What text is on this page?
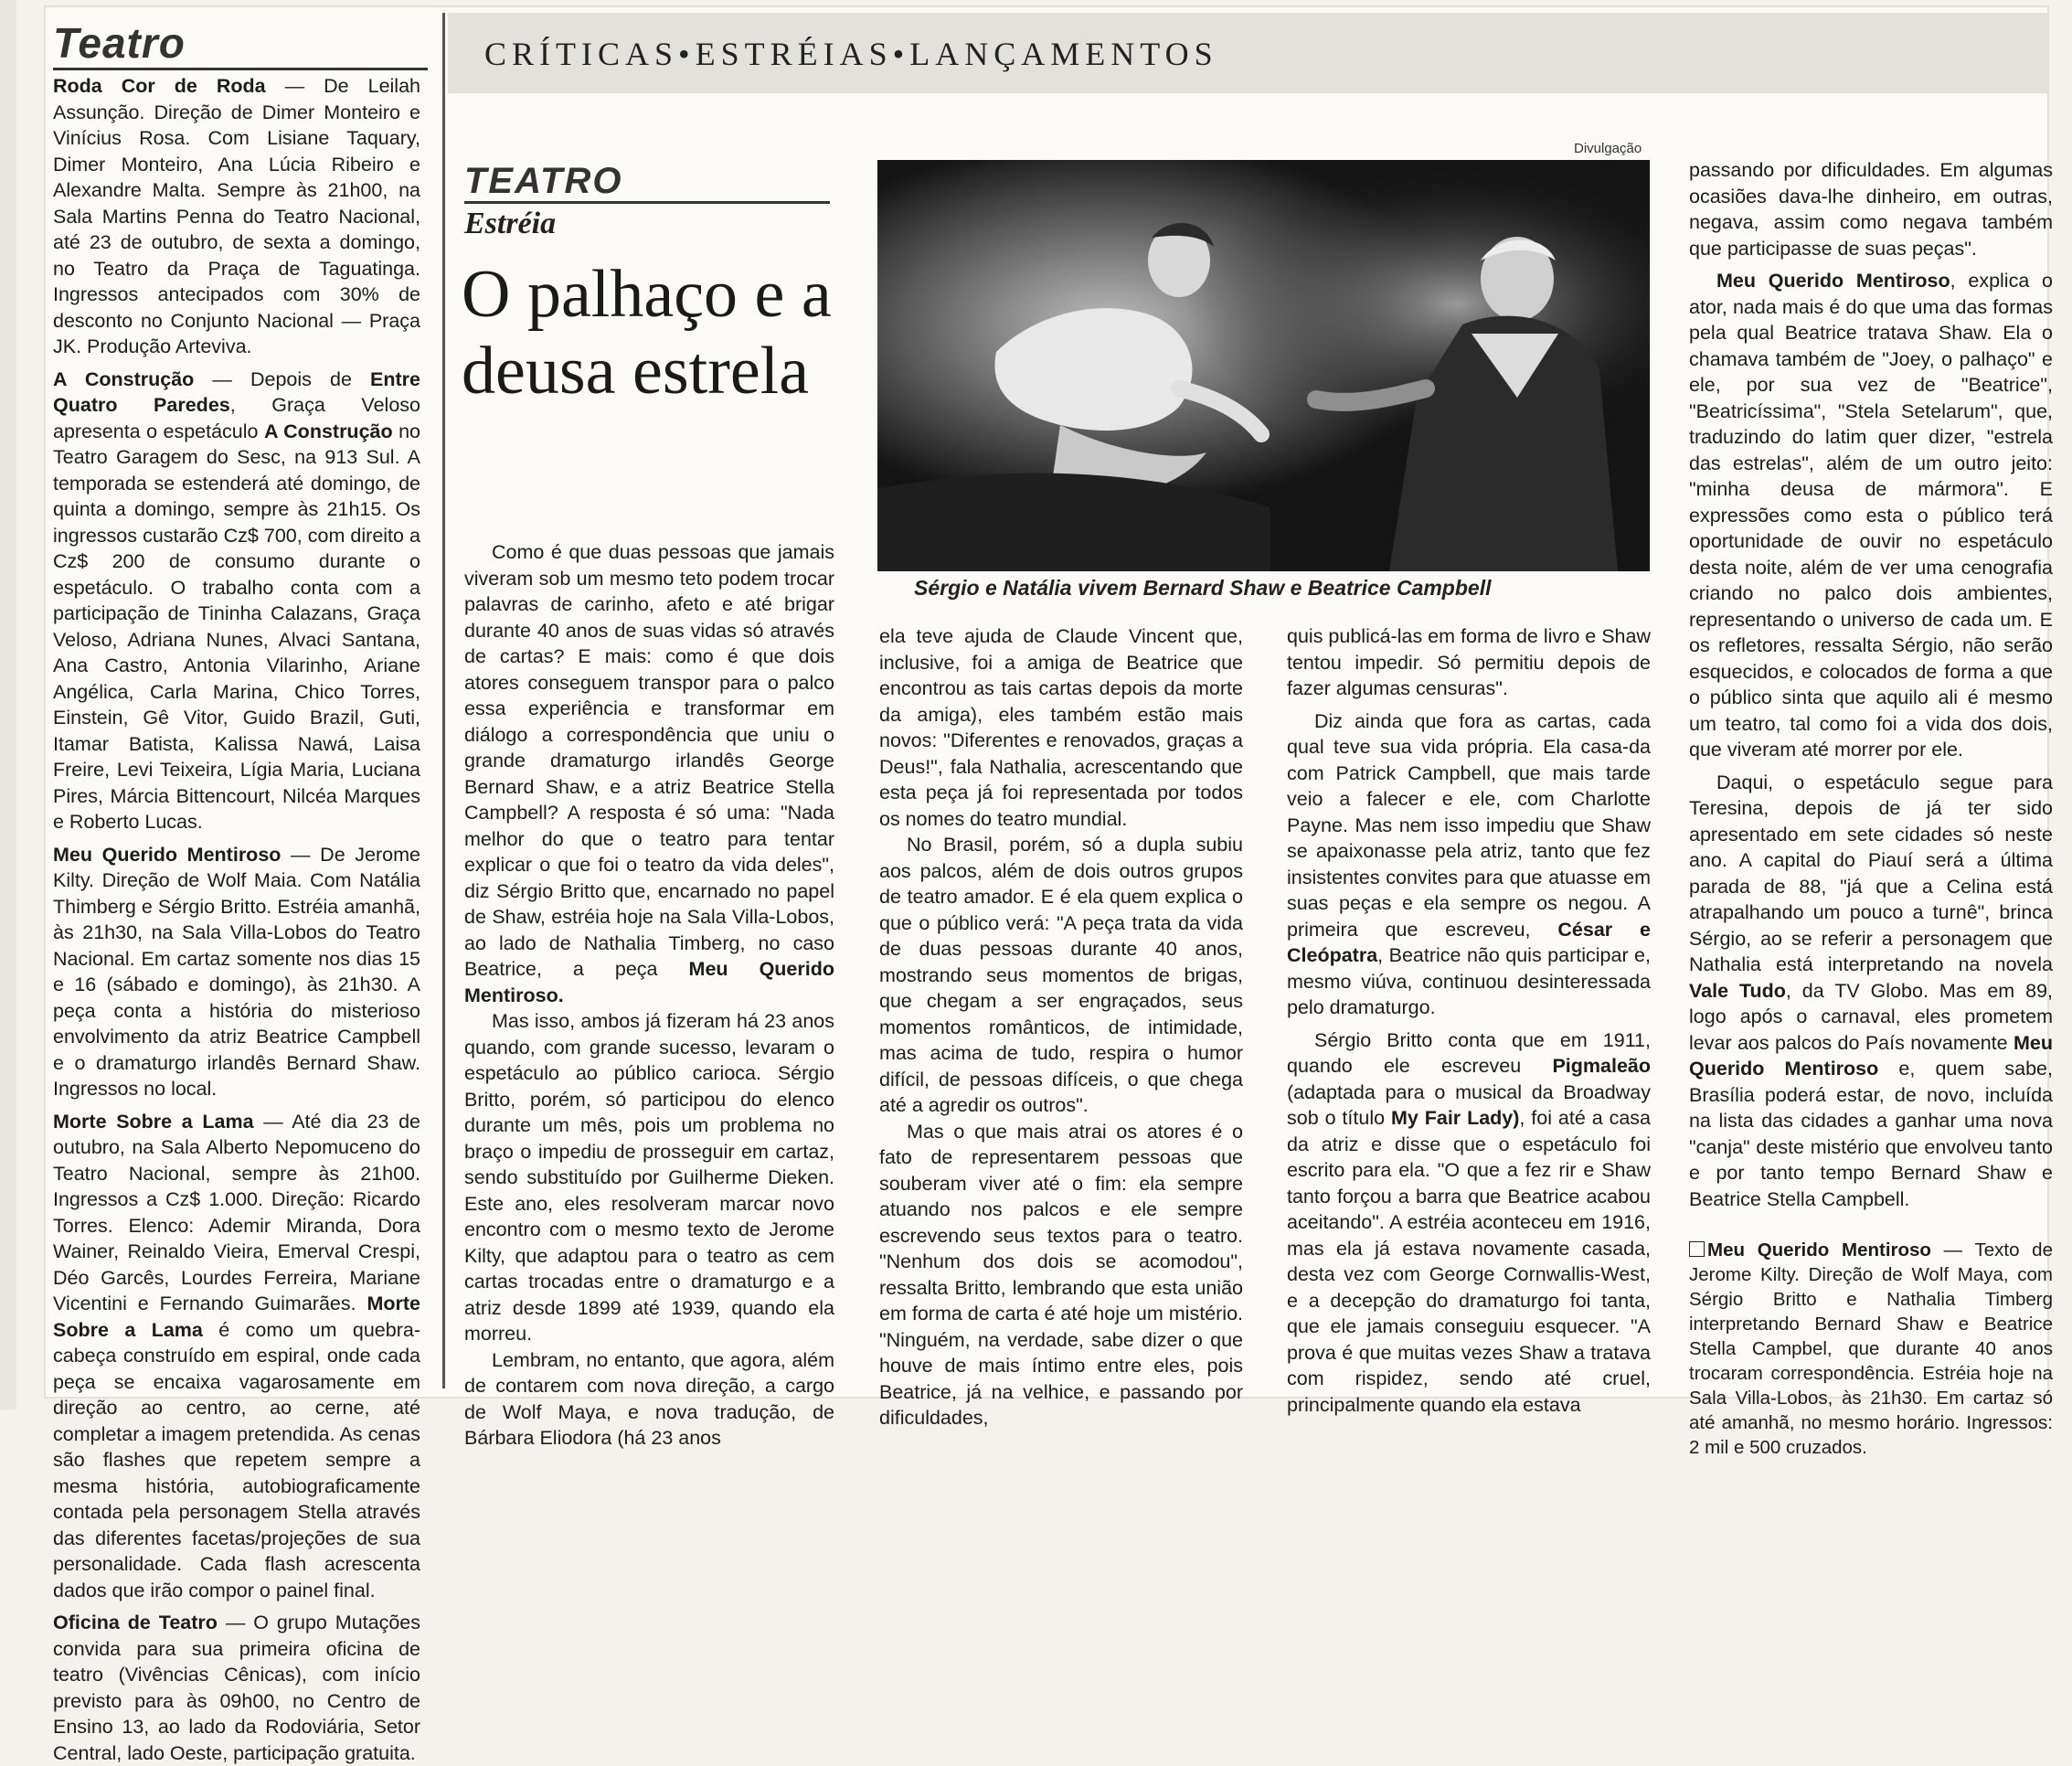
Teatro

Roda Cor de Roda — De Leilah Assunção. Direção de Dimer Monteiro e Vinícius Rosa. Com Lisiane Taquary, Dimer Monteiro, Ana Lúcia Ribeiro e Alexandre Malta. Sempre às 21h00, na Sala Martins Penna do Teatro Nacional, até 23 de outubro, de sexta a domingo, no Teatro da Praça de Taguatinga. Ingressos antecipados com 30% de desconto no Conjunto Nacional — Praça JK. Produção Arteviva.

A Construção — Depois de Entre Quatro Paredes, Graça Veloso apresenta o espetáculo A Construção no Teatro Garagem do Sesc, na 913 Sul. A temporada se estenderá até domingo, de quinta a domingo, sempre às 21h15. Os ingressos custarão Cz$ 700, com direito a Cz$ 200 de consumo durante o espetáculo. O trabalho conta com a participação de Tininha Calazans, Graça Veloso, Adriana Nunes, Alvaci Santana, Ana Castro, Antonia Vilarinho, Ariane Angélica, Carla Marina, Chico Torres, Einstein, Gê Vitor, Guido Brazil, Guti, Itamar Batista, Kalissa Nawá, Laisa Freire, Levi Teixeira, Lígia Maria, Luciana Pires, Márcia Bittencourt, Nilcéa Marques e Roberto Lucas.

Meu Querido Mentiroso — De Jerome Kilty. Direção de Wolf Maia. Com Natália Thimberg e Sérgio Britto. Estréia amanhã, às 21h30, na Sala Villa-Lobos do Teatro Nacional. Em cartaz somente nos dias 15 e 16 (sábado e domingo), às 21h30. A peça conta a história do misterioso envolvimento da atriz Beatrice Campbell e o dramaturgo irlandês Bernard Shaw. Ingressos no local.

Morte Sobre a Lama — Até dia 23 de outubro, na Sala Alberto Nepomuceno do Teatro Nacional, sempre às 21h00. Ingressos a Cz$ 1.000. Direção: Ricardo Torres. Elenco: Ademir Miranda, Dora Wainer, Reinaldo Vieira, Emerval Crespi, Déo Garcês, Lourdes Ferreira, Mariane Vicentini e Fernando Guimarães. Morte Sobre a Lama é como um quebra-cabeça construído em espiral, onde cada peça se encaixa vagarosamente em direção ao centro, ao cerne, até completar a imagem pretendida. As cenas são flashes que repetem sempre a mesma história, autobiograficamente contada pela personagem Stella através das diferentes facetas/projeções de sua personalidade. Cada flash acrescenta dados que irão compor o painel final.

Oficina de Teatro — O grupo Mutações convida para sua primeira oficina de teatro (Vivências Cênicas), com início previsto para às 09h00, no Centro de Ensino 13, ao lado da Rodoviária, Setor Central, lado Oeste, participação gratuita.

CRÍTICAS•ESTRÉIAS•LANÇAMENTOS
TEATRO
Estréia
O palhaço e a deusa estrela
Divulgação
Sérgio e Natália vivem Bernard Shaw e Beatrice Campbell

Como é que duas pessoas que jamais viveram sob um mesmo teto podem trocar palavras de carinho, afeto e até brigar durante 40 anos de suas vidas só através de cartas? E mais: como é que dois atores conseguem transpor para o palco essa experiência e transformar em diálogo a correspondência que uniu o grande dramaturgo irlandês George Bernard Shaw, e a atriz Beatrice Stella Campbell? A resposta é só uma: "Nada melhor do que o teatro para tentar explicar o que foi o teatro da vida deles", diz Sérgio Britto que, encarnado no papel de Shaw, estréia hoje na Sala Villa-Lobos, ao lado de Nathalia Timberg, no caso Beatrice, a peça Meu Querido Mentiroso.

Mas isso, ambos já fizeram há 23 anos quando, com grande sucesso, levaram o espetáculo ao público carioca. Sérgio Britto, porém, só participou do elenco durante um mês, pois um problema no braço o impediu de prosseguir em cartaz, sendo substituído por Guilherme Dieken. Este ano, eles resolveram marcar novo encontro com o mesmo texto de Jerome Kilty, que adaptou para o teatro as cem cartas trocadas entre o dramaturgo e a atriz desde 1899 até 1939, quando ela morreu.

Lembram, no entanto, que agora, além de contarem com nova direção, a cargo de Wolf Maya, e nova tradução, de Bárbara Eliodora (há 23 anos

ela teve ajuda de Claude Vincent que, inclusive, foi a amiga de Beatrice que encontrou as tais cartas depois da morte da amiga), eles também estão mais novos: "Diferentes e renovados, graças a Deus!", fala Nathalia, acrescentando que esta peça já foi representada por todos os nomes do teatro mundial.

No Brasil, porém, só a dupla subiu aos palcos, além de dois outros grupos de teatro amador. E é ela quem explica o que o público verá: "A peça trata da vida de duas pessoas durante 40 anos, mostrando seus momentos de brigas, que chegam a ser engraçados, seus momentos românticos, de intimidade, mas acima de tudo, respira o humor difícil, de pessoas difíceis, o que chega até a agredir os outros".

Mas o que mais atrai os atores é o fato de representarem pessoas que souberam viver até o fim: ela sempre atuando nos palcos e ele sempre escrevendo seus textos para o teatro. "Nenhum dos dois se acomodou", ressalta Britto, lembrando que esta união em forma de carta é até hoje um mistério. "Ninguém, na verdade, sabe dizer o que houve de mais íntimo entre eles, pois Beatrice, já na velhice, e passando por dificuldades,

quis publicá-las em forma de livro e Shaw tentou impedir. Só permitiu depois de fazer algumas censuras".

Diz ainda que fora as cartas, cada qual teve sua vida própria. Ela casa-da com Patrick Campbell, que mais tarde veio a falecer e ele, com Charlotte Payne. Mas nem isso impediu que Shaw se apaixonasse pela atriz, tanto que fez insistentes convites para que atuasse em suas peças e ela sempre os negou. A primeira que escreveu, César e Cleópatra, Beatrice não quis participar e, mesmo viúva, continuou desinteressada pelo dramaturgo.

Sérgio Britto conta que em 1911, quando ele escreveu Pigmaleão (adaptada para o musical da Broadway sob o título My Fair Lady), foi até a casa da atriz e disse que o espetáculo foi escrito para ela. "O que a fez rir e Shaw tanto forçou a barra que Beatrice acabou aceitando". A estréia aconteceu em 1916, mas ela já estava novamente casada, desta vez com George Cornwallis-West, e a decepção do dramaturgo foi tanta, que ele jamais conseguiu esquecer. "A prova é que muitas vezes Shaw a tratava com rispidez, sendo até cruel, principalmente quando ela estava

passando por dificuldades. Em algumas ocasiões dava-lhe dinheiro, em outras, negava, assim como negava também que participasse de suas peças".

Meu Querido Mentiroso, explica o ator, nada mais é do que uma das formas pela qual Beatrice tratava Shaw. Ela o chamava também de "Joey, o palhaço" e ele, por sua vez de "Beatrice", "Beatricíssima", "Stela Setelarum", que, traduzindo do latim quer dizer, "estrela das estrelas", além de um outro jeito: "minha deusa de mármora". E expressões como esta o público terá oportunidade de ouvir no espetáculo desta noite, além de ver uma cenografia criando no palco dois ambientes, representando o universo de cada um. E os refletores, ressalta Sérgio, não serão esquecidos, e colocados de forma a que o público sinta que aquilo ali é mesmo um teatro, tal como foi a vida dos dois, que viveram até morrer por ele.

Daqui, o espetáculo segue para Teresina, depois de já ter sido apresentado em sete cidades só neste ano. A capital do Piauí será a última parada de 88, "já que a Celina está atrapalhando um pouco a turnê", brinca Sérgio, ao se referir a personagem que Nathalia está interpretando na novela Vale Tudo, da TV Globo. Mas em 89, logo após o carnaval, eles prometem levar aos palcos do País novamente Meu Querido Mentiroso e, quem sabe, Brasília poderá estar, de novo, incluída na lista das cidades a ganhar uma nova "canja" deste mistério que envolveu tanto e por tanto tempo Bernard Shaw e Beatrice Stella Campbell.

Meu Querido Mentiroso — Texto de Jerome Kilty. Direção de Wolf Maya, com Sérgio Britto e Nathalia Timberg interpretando Bernard Shaw e Beatrice Stella Campbel, que durante 40 anos trocaram correspondência. Estréia hoje na Sala Villa-Lobos, às 21h30. Em cartaz só até amanhã, no mesmo horário. Ingressos: 2 mil e 500 cruzados.
